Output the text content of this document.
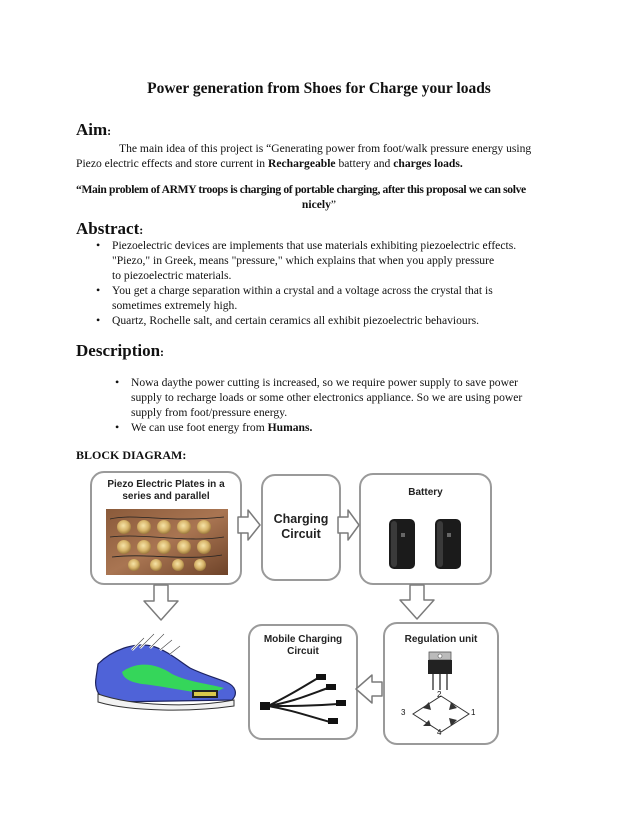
Power generation from Shoes for Charge your loads
Aim:
The main idea of this project is “Generating power from foot/walk pressure energy using
Piezo electric effects and store current in Rechargeable battery and charges loads.
“Main problem of ARMY troops is charging of portable charging, after this proposal we can solve
nicely”
Abstract:
• Piezoelectric devices are implements that use materials exhibiting piezoelectric effects.
"Piezo," in Greek, means "pressure," which explains that when you apply pressure
to piezoelectric materials.
• You get a charge separation within a crystal and a voltage across the crystal that is
sometimes extremely high.
• Quartz, Rochelle salt, and certain ceramics all exhibit piezoelectric behaviours.
Description:
• Nowa daythe power cutting is increased, so we require power supply to save power
supply to recharge loads or some other electronics appliance. So we are using power
supply from foot/pressure energy.
• We can use foot energy from Humans.
BLOCK DIAGRAM:
Piezo Electric Plates in a
series and parallel
Charging
Circuit
Battery
Mobile Charging
Circuit
Regulation unit
1
2
3
4
